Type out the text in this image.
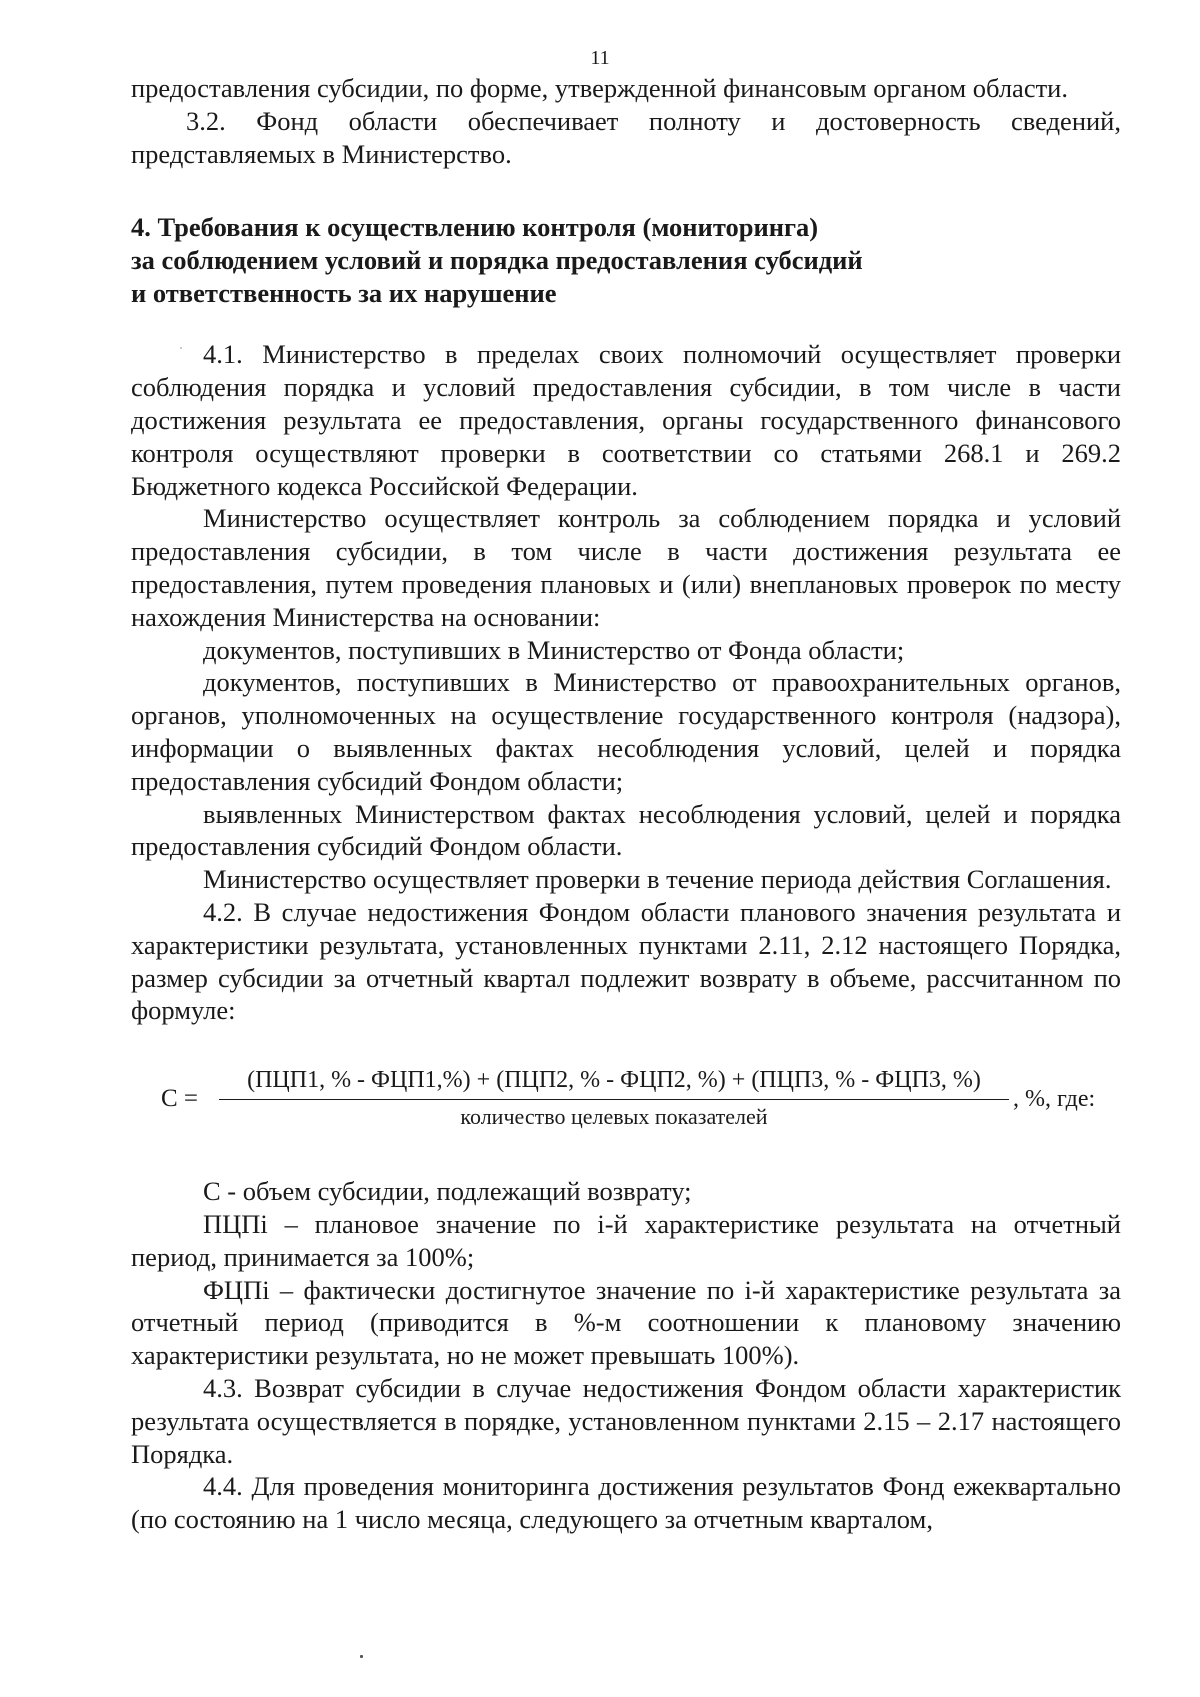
11

предоставления субсидии, по форме, утвержденной финансовым органом области.

3.2. Фонд области обеспечивает полноту и достоверность сведений, представляемых в Министерство.

4. Требования к осуществлению контроля (мониторинга)

за соблюдением условий и порядка предоставления субсидий

и ответственность за их нарушение

4.1. Министерство в пределах своих полномочий осуществляет проверки соблюдения порядка и условий предоставления субсидии, в том числе в части достижения результата ее предоставления, органы государственного финансового контроля осуществляют проверки в соответствии со статьями 268.1 и 269.2 Бюджетного кодекса Российской Федерации.

Министерство осуществляет контроль за соблюдением порядка и условий предоставления субсидии, в том числе в части достижения результата ее предоставления, путем проведения плановых и (или) внеплановых проверок по месту нахождения Министерства на основании:

документов, поступивших в Министерство от Фонда области;

документов, поступивших в Министерство от правоохранительных органов, органов, уполномоченных на осуществление государственного контроля (надзора), информации о выявленных фактах несоблюдения условий, целей и порядка предоставления субсидий Фондом области;

выявленных Министерством фактах несоблюдения условий, целей и порядка предоставления субсидий Фондом области.

Министерство осуществляет проверки в течение периода действия Соглашения.

4.2. В случае недостижения Фондом области планового значения результата и характеристики результата, установленных пунктами 2.11, 2.12 настоящего Порядка, размер субсидии за отчетный квартал подлежит возврату в объеме, рассчитанном по формуле:

С =
(ПЦП1, % - ФЦП1,%) + (ПЦП2, % - ФЦП2, %) + (ПЦП3, % - ФЦП3, %)
количество целевых показателей
, %, где:

С - объем субсидии, подлежащий возврату;

ПЦПi – плановое значение по i-й характеристике результата на отчетный период, принимается за 100%;

ФЦПi – фактически достигнутое значение по i-й характеристике результата за отчетный период (приводится в %-м соотношении к плановому значению характеристики результата, но не может превышать 100%).

4.3. Возврат субсидии в случае недостижения Фондом области характеристик результата осуществляется в порядке, установленном пунктами 2.15 – 2.17 настоящего Порядка.

4.4. Для проведения мониторинга достижения результатов Фонд ежеквартально (по состоянию на 1 число месяца, следующего за отчетным кварталом,
